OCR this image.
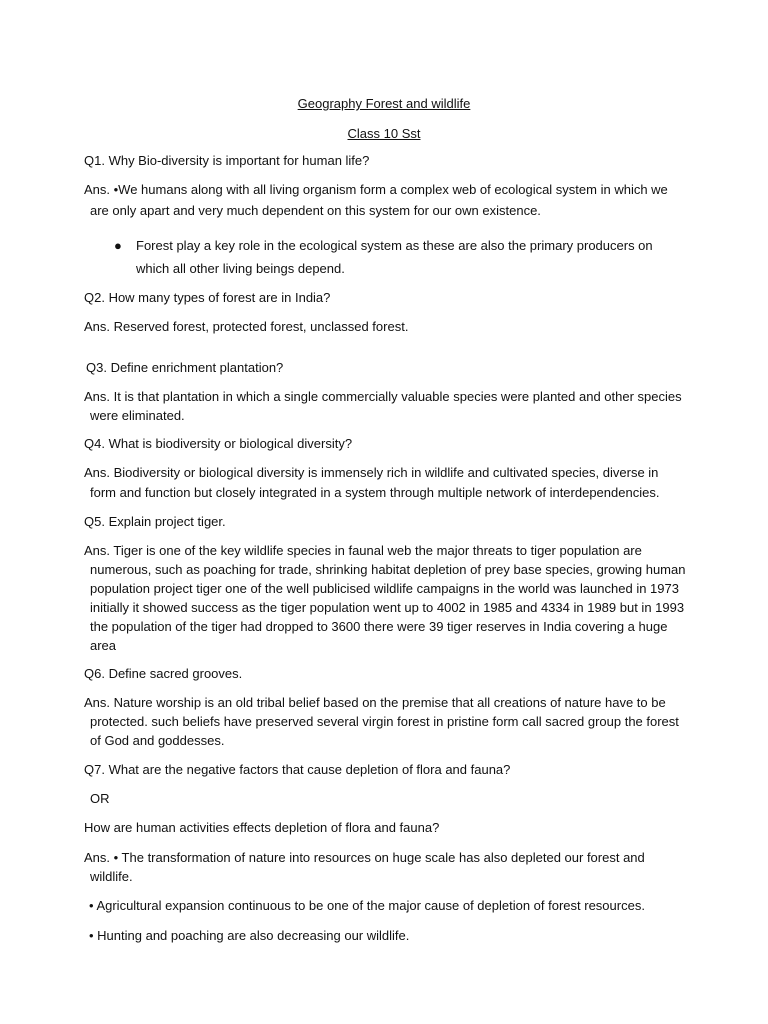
Geography Forest and wildlife
Class 10 Sst
Q1. Why Bio-diversity is important for human life?
Ans. •We humans along with all living organism form a complex web of ecological system in which we
are only apart and very much dependent on this system for our own existence.
● Forest play a key role in the ecological system as these are also the primary producers on
which all other living beings depend.
Q2. How many types of forest are in India?
Ans. Reserved forest, protected forest, unclassed forest.
Q3. Define enrichment plantation?
Ans. It is that plantation in which a single commercially valuable species were planted and other species
were eliminated.
Q4. What is biodiversity or biological diversity?
Ans. Biodiversity or biological diversity is immensely rich in wildlife and cultivated species, diverse in
form and function but closely integrated in a system through multiple network of interdependencies.
Q5. Explain project tiger.
Ans. Tiger is one of the key wildlife species in faunal web the major threats to tiger population are
numerous, such as poaching for trade, shrinking habitat depletion of prey base species, growing human
population project tiger one of the well publicised wildlife campaigns in the world was launched in 1973
initially it showed success as the tiger population went up to 4002 in 1985 and 4334 in 1989 but in 1993
the population of the tiger had dropped to 3600 there were 39 tiger reserves in India covering a huge
area
Q6. Define sacred grooves.
Ans. Nature worship is an old tribal belief based on the premise that all creations of nature have to be
protected. such beliefs have preserved several virgin forest in pristine form call sacred group the forest
of God and goddesses.
Q7. What are the negative factors that cause depletion of flora and fauna?
OR
How are human activities effects depletion of flora and fauna?
Ans. • The transformation of nature into resources on huge scale has also depleted our forest and
wildlife.
• Agricultural expansion continuous to be one of the major cause of depletion of forest resources.
• Hunting and poaching are also decreasing our wildlife.
